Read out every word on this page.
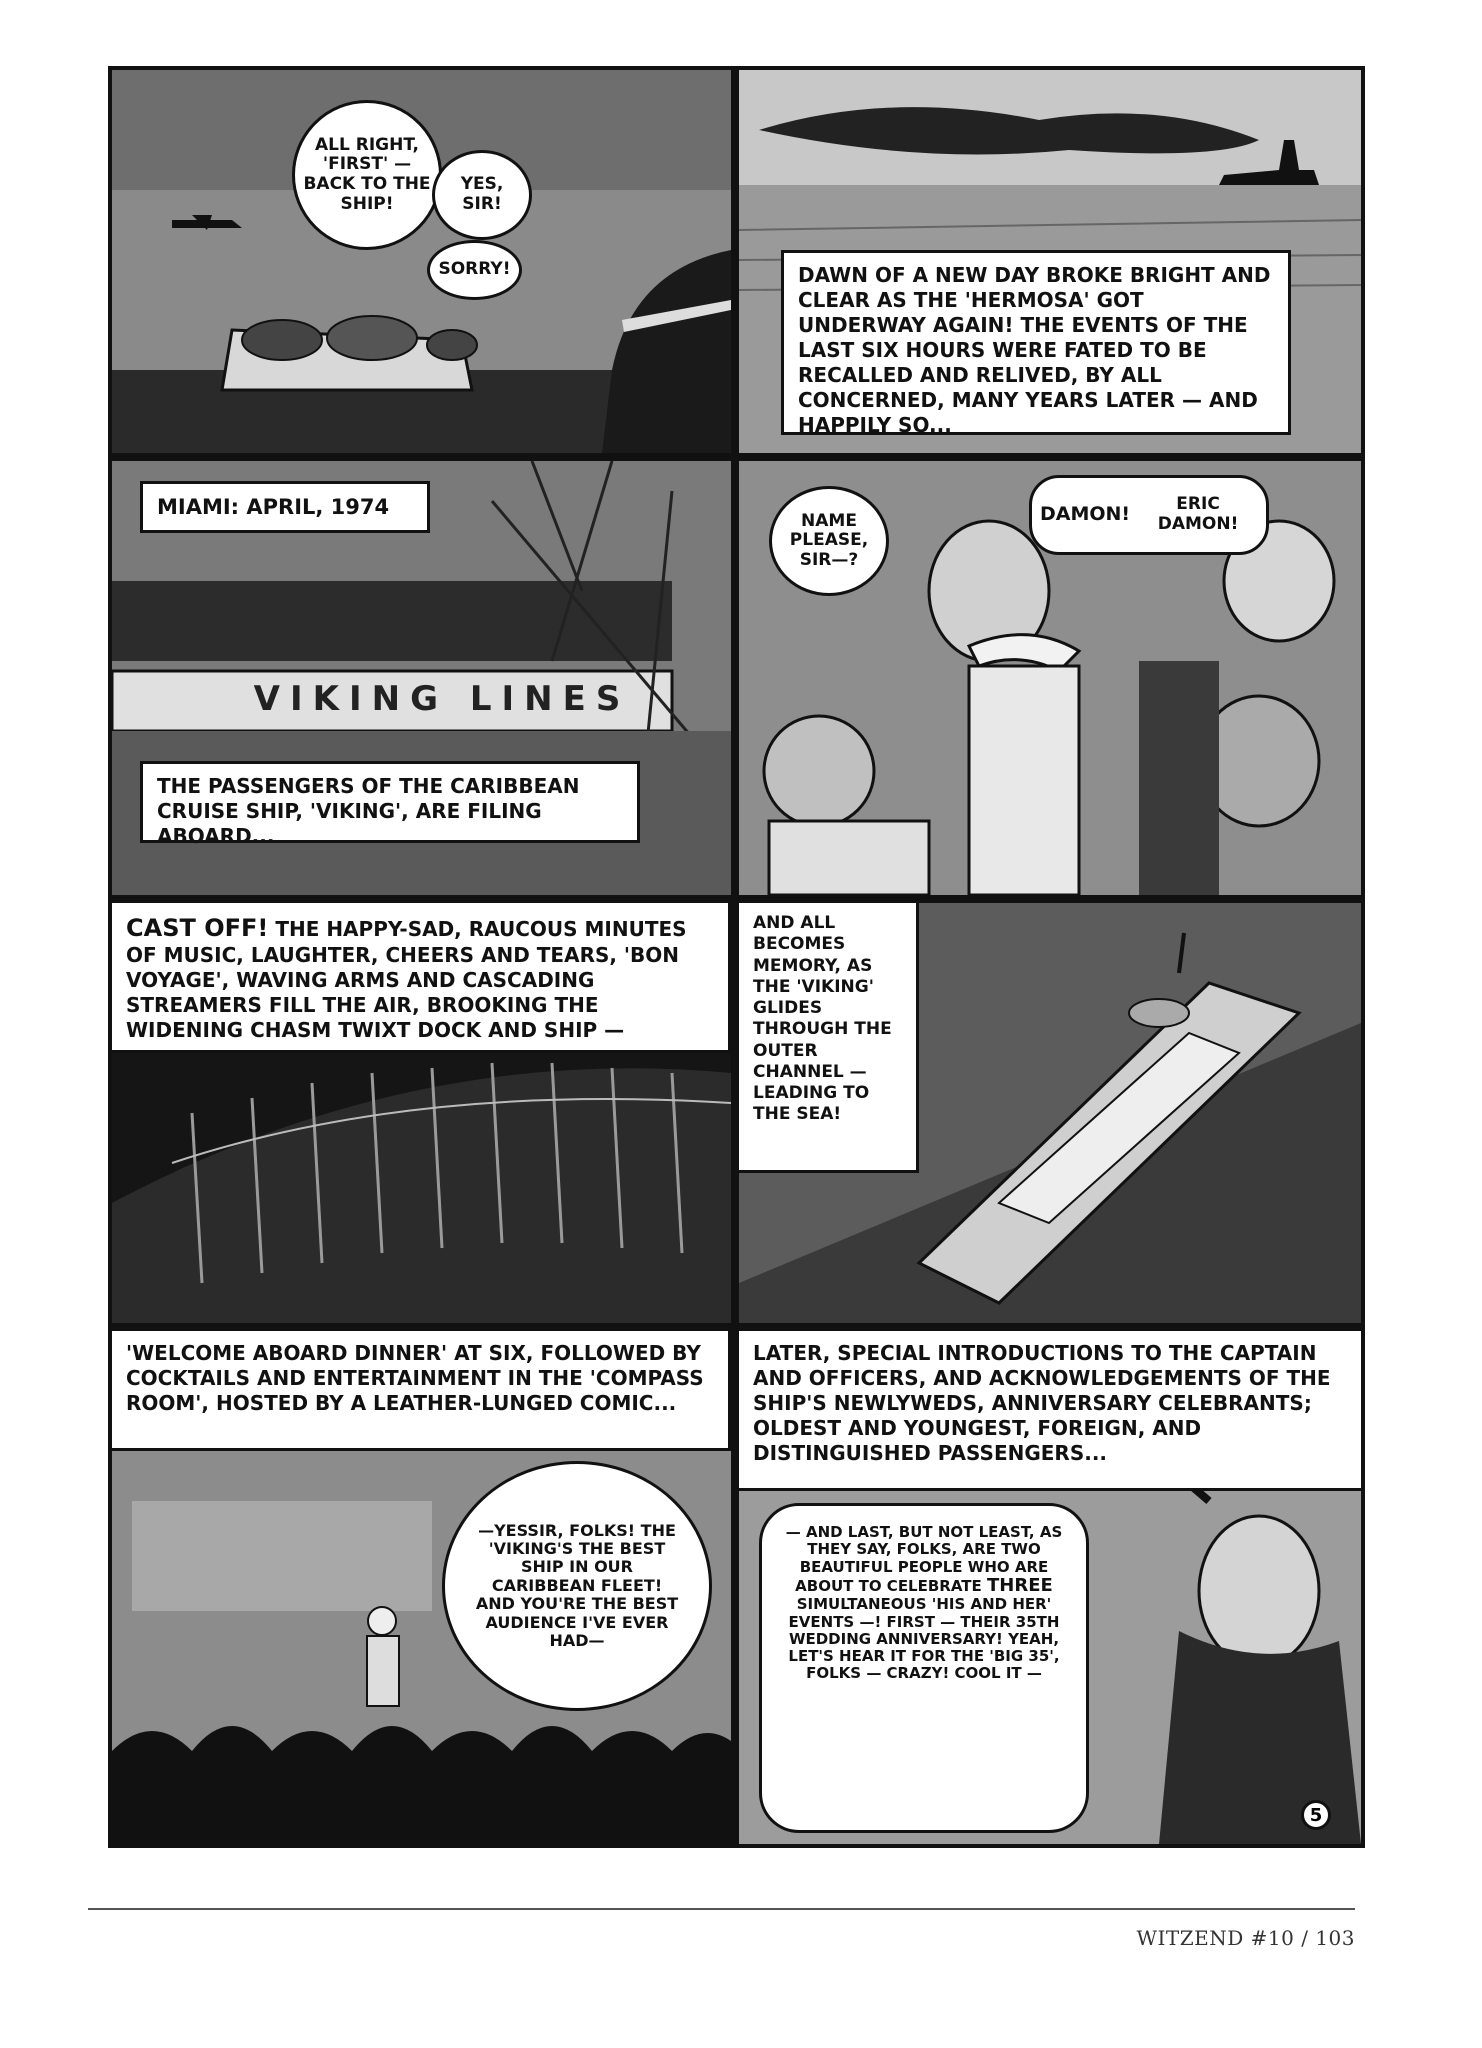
ALL RIGHT, 'FIRST' — BACK TO THE SHIP!
YES, SIR!
SORRY!	DAWN OF A NEW DAY BROKE BRIGHT AND CLEAR AS THE 'HERMOSA' GOT UNDERWAY AGAIN! THE EVENTS OF THE LAST SIX HOURS WERE FATED TO BE RECALLED AND RELIVED, BY ALL CONCERNED, MANY YEARS LATER — AND HAPPILY SO...
MIAMI: APRIL, 1974
VIKING LINES
THE PASSENGERS OF THE CARIBBEAN CRUISE SHIP, 'VIKING', ARE FILING ABOARD...
NAME PLEASE, SIR—?
DAMON!	ERIC DAMON!
CAST OFF! THE HAPPY-SAD, RAUCOUS MINUTES OF MUSIC, LAUGHTER, CHEERS AND TEARS, 'BON VOYAGE', WAVING ARMS AND CASCADING STREAMERS FILL THE AIR, BROOKING THE WIDENING CHASM TWIXT DOCK AND SHIP —
AND ALL BECOMES MEMORY, AS THE 'VIKING' GLIDES THROUGH THE OUTER CHANNEL — LEADING TO THE SEA!
'WELCOME ABOARD DINNER' AT SIX, FOLLOWED BY COCKTAILS AND ENTERTAINMENT IN THE 'COMPASS ROOM', HOSTED BY A LEATHER-LUNGED COMIC...
—YESSIR, FOLKS! THE 'VIKING'S THE BEST SHIP IN OUR CARIBBEAN FLEET! AND YOU'RE THE BEST AUDIENCE I'VE EVER HAD—
LATER, SPECIAL INTRODUCTIONS TO THE CAPTAIN AND OFFICERS, AND ACKNOWLEDGEMENTS OF THE SHIP'S NEWLYWEDS, ANNIVERSARY CELEBRANTS; OLDEST AND YOUNGEST, FOREIGN, AND DISTINGUISHED PASSENGERS...
— AND LAST, BUT NOT LEAST, AS THEY SAY, FOLKS, ARE TWO BEAUTIFUL PEOPLE WHO ARE ABOUT TO CELEBRATE THREE SIMULTANEOUS 'HIS AND HER' EVENTS —! FIRST — THEIR 35TH WEDDING ANNIVERSARY! YEAH, LET'S HEAR IT FOR THE 'BIG 35', FOLKS — CRAZY! COOL IT —
5
WITZEND #10 / 103
